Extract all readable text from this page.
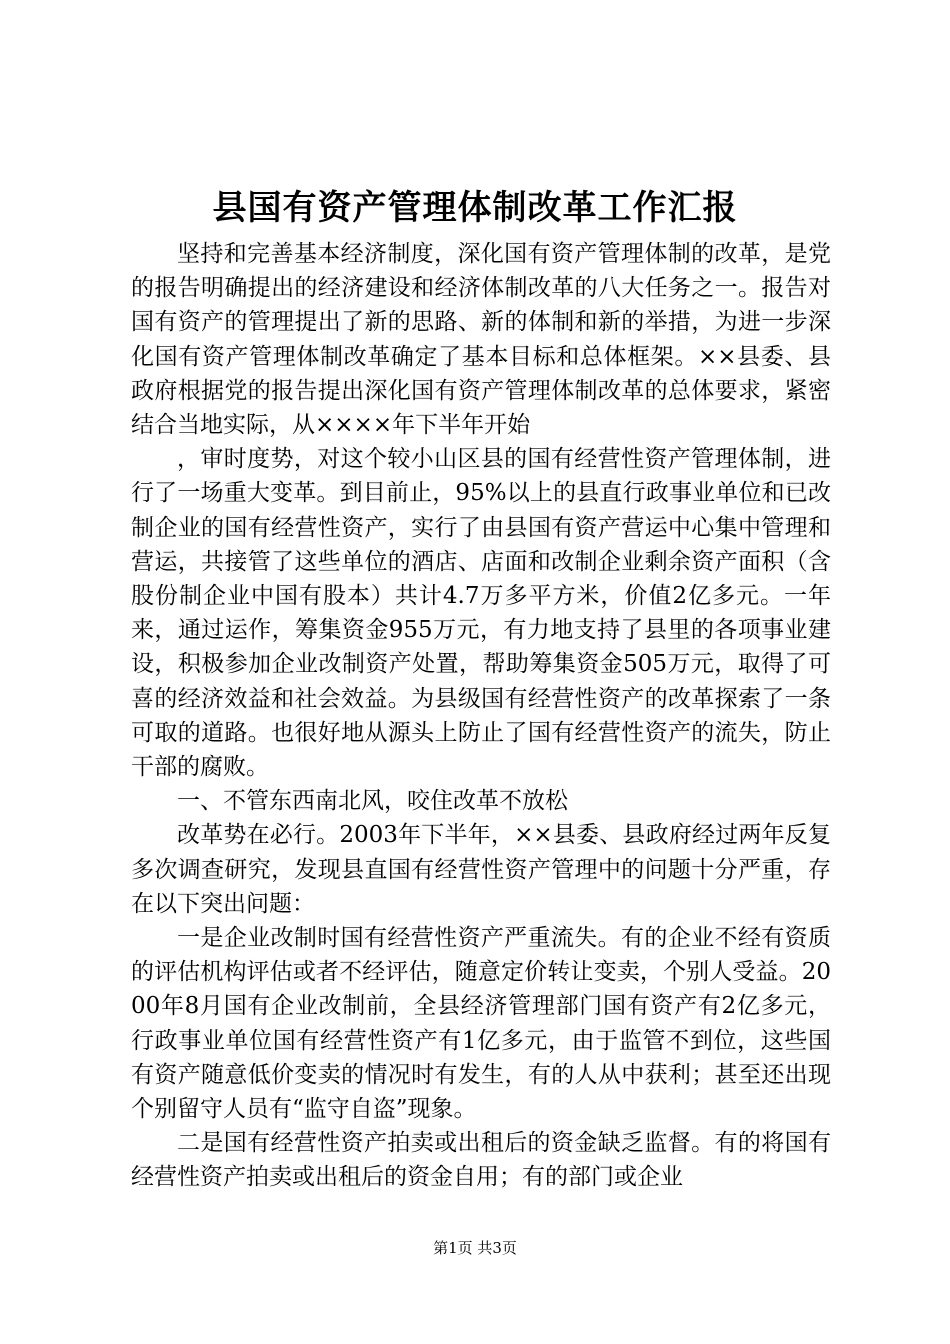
县国有资产管理体制改革工作汇报

坚持和完善基本经济制度，深化国有资产管理体制的改革，是党的报告明确提出的经济建设和经济体制改革的八大任务之一。报告对国有资产的管理提出了新的思路、新的体制和新的举措，为进一步深化国有资产管理体制改革确定了基本目标和总体框架。××县委、县政府根据党的报告提出深化国有资产管理体制改革的总体要求，紧密结合当地实际，从××××年下半年开始

，审时度势，对这个较小山区县的国有经营性资产管理体制，进行了一场重大变革。到目前止，95%以上的县直行政事业单位和已改制企业的国有经营性资产，实行了由县国有资产营运中心集中管理和营运，共接管了这些单位的酒店、店面和改制企业剩余资产面积（含股份制企业中国有股本）共计4.7万多平方米，价值2亿多元。一年来，通过运作，筹集资金955万元，有力地支持了县里的各项事业建设，积极参加企业改制资产处置，帮助筹集资金505万元，取得了可喜的经济效益和社会效益。为县级国有经营性资产的改革探索了一条可取的道路。也很好地从源头上防止了国有经营性资产的流失，防止干部的腐败。

一、不管东西南北风，咬住改革不放松

改革势在必行。2003年下半年，××县委、县政府经过两年反复多次调查研究，发现县直国有经营性资产管理中的问题十分严重，存在以下突出问题：

一是企业改制时国有经营性资产严重流失。有的企业不经有资质的评估机构评估或者不经评估，随意定价转让变卖，个别人受益。2000年8月国有企业改制前，全县经济管理部门国有资产有2亿多元，行政事业单位国有经营性资产有1亿多元，由于监管不到位，这些国有资产随意低价变卖的情况时有发生，有的人从中获利；甚至还出现个别留守人员有“监守自盗”现象。

二是国有经营性资产拍卖或出租后的资金缺乏监督。有的将国有经营性资产拍卖或出租后的资金自用；有的部门或企业

第1页 共3页
